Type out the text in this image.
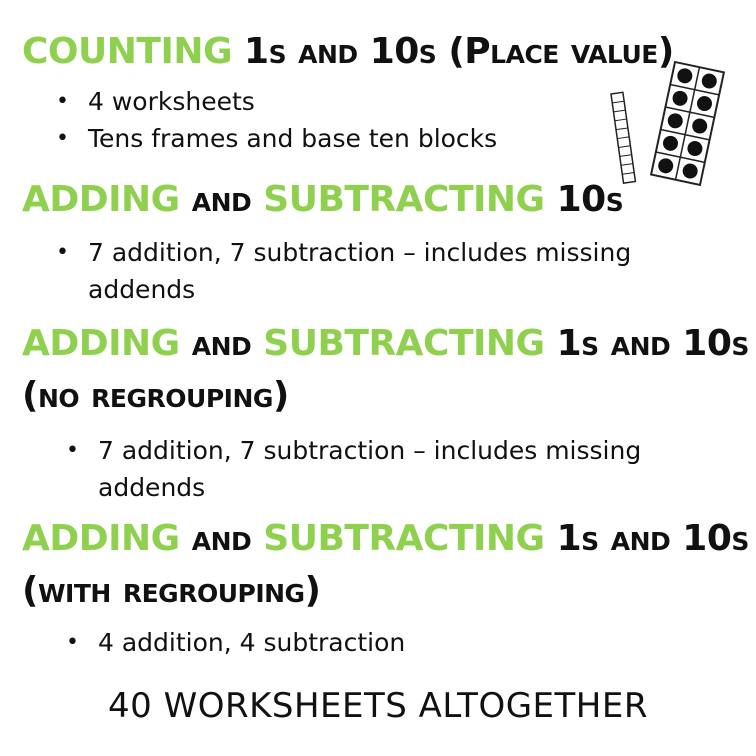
COUNTING 1s and 10s (Place value)
• 4 worksheets
• Tens frames and base ten blocks
ADDING and SUBTRACTING 10s
• 7 addition, 7 subtraction – includes missing addends
ADDING and SUBTRACTING 1s and 10s
(no regrouping)
• 7 addition, 7 subtraction – includes missing addends
ADDING and SUBTRACTING 1s and 10s
(with regrouping)
• 4 addition, 4 subtraction
40 WORKSHEETS ALTOGETHER
